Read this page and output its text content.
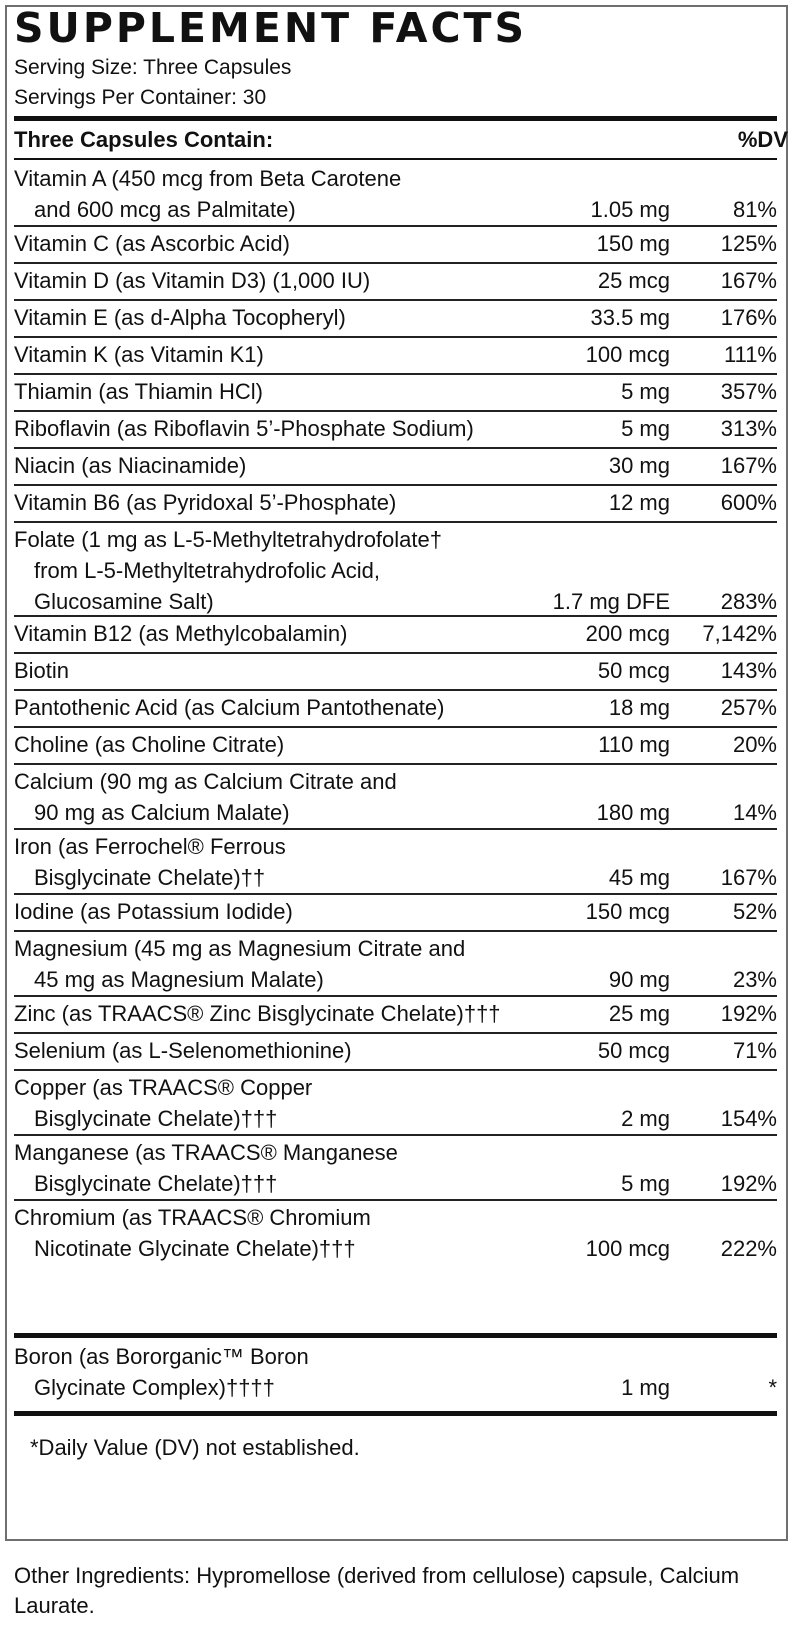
SUPPLEMENT FACTS
Serving Size: Three Capsules
Servings Per Container: 30
Three Capsules Contain:	%DV
Vitamin A (450 mcg from Beta Carotene
and 600 mcg as Palmitate)	1.05 mg	81%
Vitamin C (as Ascorbic Acid)	150 mg 125%
Vitamin D (as Vitamin D3) (1,000 IU)	25 mcg 167%
Vitamin E (as d-Alpha Tocopheryl)	33.5 mg 176%
Vitamin K (as Vitamin K1)	100 mcg 111%
Thiamin (as Thiamin HCl)	5 mg 357%
Riboflavin (as Riboflavin 5’-Phosphate Sodium)	5 mg 313%
Niacin (as Niacinamide)	30 mg 167%
Vitamin B6 (as Pyridoxal 5’-Phosphate)	12 mg 600%
Folate (1 mg as L-5-Methyltetrahydrofolate†
from L-5-Methyltetrahydrofolic Acid,
Glucosamine Salt)	1.7 mg DFE 283%
Vitamin B12 (as Methylcobalamin)	200 mcg 7,142%
Biotin	50 mcg 143%
Pantothenic Acid (as Calcium Pantothenate)	18 mg 257%
Choline (as Choline Citrate)	110 mg	20%
Calcium (90 mg as Calcium Citrate and
90 mg as Calcium Malate)	180 mg	14%
Iron (as Ferrochel® Ferrous
Bisglycinate Chelate)††	45 mg 167%
Iodine (as Potassium Iodide)	150 mcg	52%
Magnesium (45 mg as Magnesium Citrate and
45 mg as Magnesium Malate)	90 mg	23%
Zinc (as TRAACS® Zinc Bisglycinate Chelate)†††	25 mg 192%
Selenium (as L-Selenomethionine)	50 mcg	71%
Copper (as TRAACS® Copper
Bisglycinate Chelate)†††	2 mg 154%
Manganese (as TRAACS® Manganese
Bisglycinate Chelate)†††	5 mg 192%
Chromium (as TRAACS® Chromium
Nicotinate Glycinate Chelate)†††	100 mcg 222%
Boron (as Bororganic™ Boron
Glycinate Complex)††††	1 mg	*
*Daily Value (DV) not established.
Other Ingredients: Hypromellose (derived from cellulose) capsule, Calcium Laurate.
